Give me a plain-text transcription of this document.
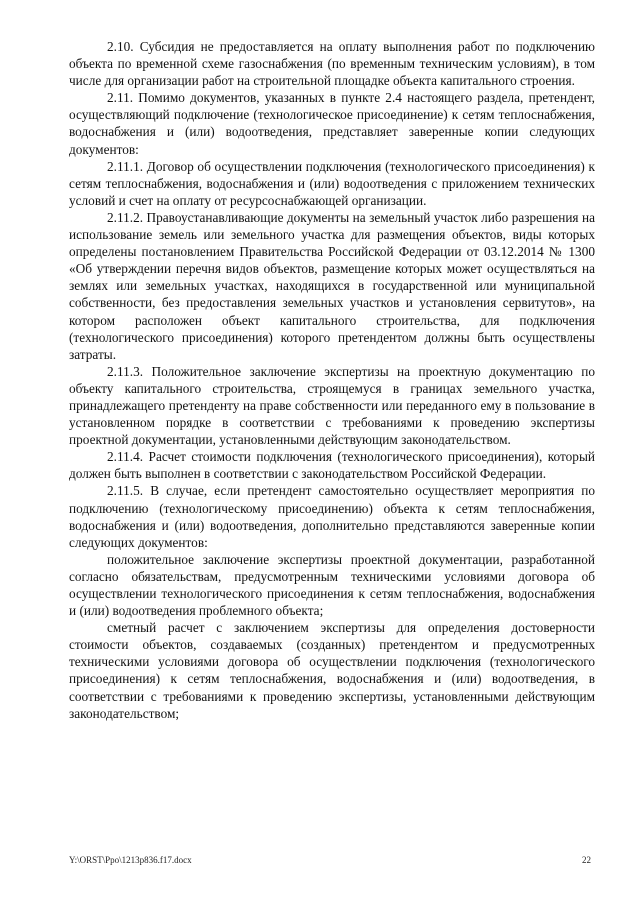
2.10. Субсидия не предоставляется на оплату выполнения работ по подключению объекта по временной схеме газоснабжения (по временным техническим условиям), в том числе для организации работ на строительной площадке объекта капитального строения.

2.11. Помимо документов, указанных в пункте 2.4 настоящего раздела, претендент, осуществляющий подключение (технологическое присоединение) к сетям теплоснабжения, водоснабжения и (или) водоотведения, представляет заверенные копии следующих документов:

2.11.1. Договор об осуществлении подключения (технологического присоединения) к сетям теплоснабжения, водоснабжения и (или) водоотведения с приложением технических условий и счет на оплату от ресурсоснабжающей организации.

2.11.2. Правоустанавливающие документы на земельный участок либо разрешения на использование земель или земельного участка для размещения объектов, виды которых определены постановлением Правительства Российской Федерации от 03.12.2014 № 1300 «Об утверждении перечня видов объектов, размещение которых может осуществляться на землях или земельных участках, находящихся в государственной или муниципальной собственности, без предоставления земельных участков и установления сервитутов», на котором расположен объект капитального строительства, для подключения (технологического присоединения) которого претендентом должны быть осуществлены затраты.

2.11.3. Положительное заключение экспертизы на проектную документацию по объекту капитального строительства, строящемуся в границах земельного участка, принадлежащего претенденту на праве собственности или переданного ему в пользование в установленном порядке в соответствии с требованиями к проведению экспертизы проектной документации, установленными действующим законодательством.

2.11.4. Расчет стоимости подключения (технологического присоединения), который должен быть выполнен в соответствии с законодательством Российской Федерации.

2.11.5. В случае, если претендент самостоятельно осуществляет мероприятия по подключению (технологическому присоединению) объекта к сетям теплоснабжения, водоснабжения и (или) водоотведения, дополнительно представляются заверенные копии следующих документов:

положительное заключение экспертизы проектной документации, разработанной согласно обязательствам, предусмотренным техническими условиями договора об осуществлении технологического присоединения к сетям теплоснабжения, водоснабжения и (или) водоотведения проблемного объекта;

сметный расчет с заключением экспертизы для определения достоверности стоимости объектов, создаваемых (созданных) претендентом и предусмотренных техническими условиями договора об осуществлении подключения (технологического присоединения) к сетям теплоснабжения, водоснабжения и (или) водоотведения, в соответствии с требованиями к проведению экспертизы, установленными действующим законодательством;

Y:\ORST\Ppo\1213p836.f17.docx	22
